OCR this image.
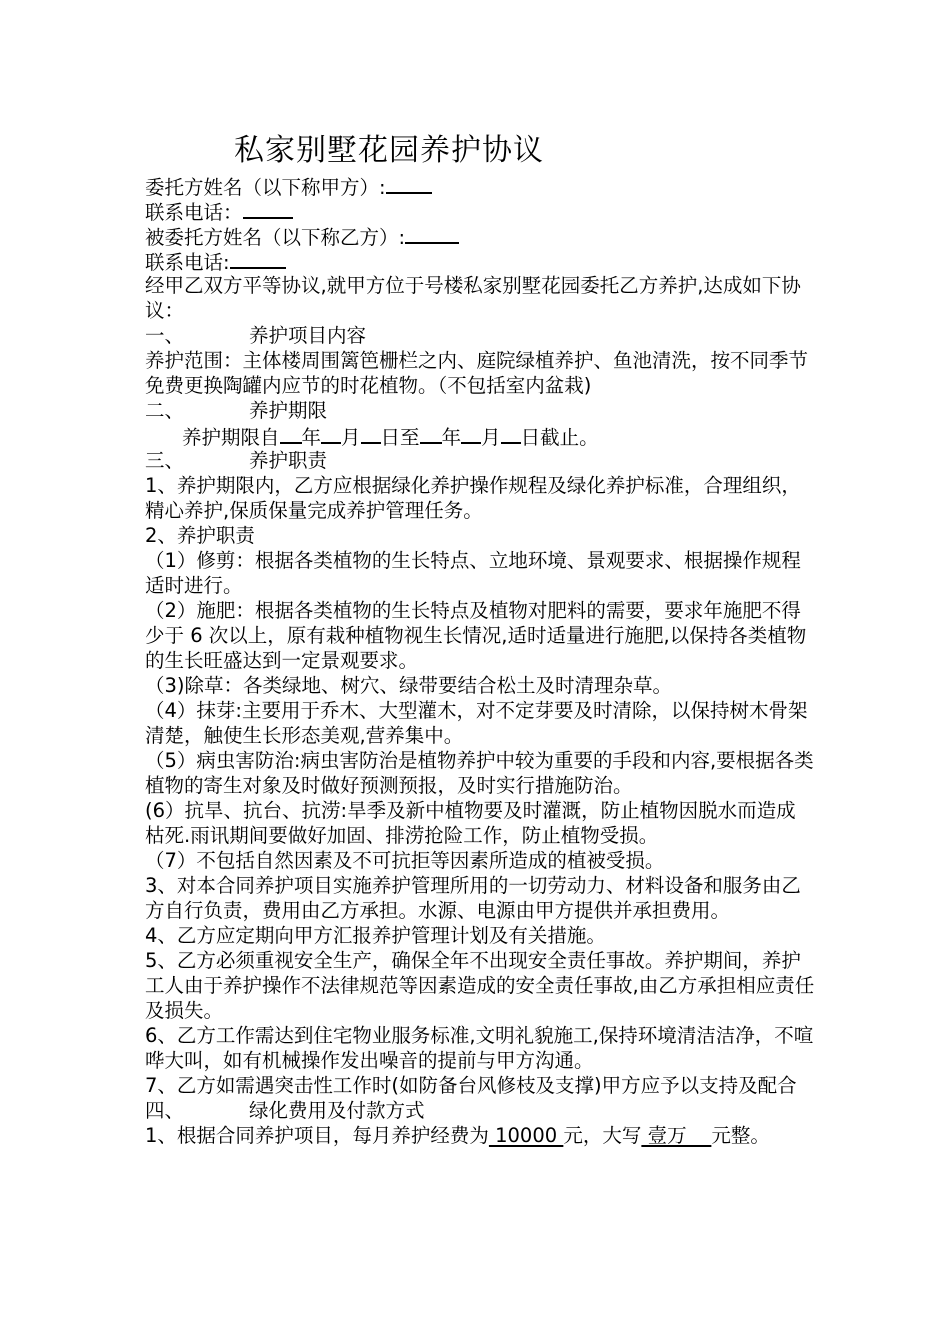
私家别墅花园养护协议
委托方姓名（以下称甲方）:
联系电话：
被委托方姓名（以下称乙方）:
联系电话:
经甲乙双方平等协议,就甲方位于号楼私家别墅花园委托乙方养护,达成如下协议：
一、	养护项目内容
养护范围：主体楼周围篱笆栅栏之内、庭院绿植养护、鱼池清洗，按不同季节免费更换陶罐内应节的时花植物。（不包括室内盆栽)
二、	养护期限
养护期限自 年 月 日至 年 月 日截止。
三、	养护职责
1、养护期限内，乙方应根据绿化养护操作规程及绿化养护标准，合理组织，精心养护,保质保量完成养护管理任务。
2、养护职责
（1）修剪：根据各类植物的生长特点、立地环境、景观要求、根据操作规程适时进行。
（2）施肥：根据各类植物的生长特点及植物对肥料的需要，要求年施肥不得少于 6 次以上，原有栽种植物视生长情况,适时适量进行施肥,以保持各类植物的生长旺盛达到一定景观要求。
（3)除草：各类绿地、树穴、绿带要结合松土及时清理杂草。
（4）抹芽:主要用于乔木、大型灌木，对不定芽要及时清除，以保持树木骨架清楚，触使生长形态美观,营养集中。
（5）病虫害防治:病虫害防治是植物养护中较为重要的手段和内容,要根据各类植物的寄生对象及时做好预测预报，及时实行措施防治。
(6）抗旱、抗台、抗涝:旱季及新中植物要及时灌溉，防止植物因脱水而造成枯死.雨讯期间要做好加固、排涝抢险工作，防止植物受损。
（7）不包括自然因素及不可抗拒等因素所造成的植被受损。
3、对本合同养护项目实施养护管理所用的一切劳动力、材料设备和服务由乙方自行负责，费用由乙方承担。水源、电源由甲方提供并承担费用。
4、乙方应定期向甲方汇报养护管理计划及有关措施。
5、乙方必须重视安全生产，确保全年不出现安全责任事故。养护期间，养护工人由于养护操作不法律规范等因素造成的安全责任事故,由乙方承担相应责任及损失。
6、乙方工作需达到住宅物业服务标准,文明礼貌施工,保持环境清洁洁净，不喧哗大叫，如有机械操作发出噪音的提前与甲方沟通。
7、乙方如需遇突击性工作时(如防备台风修枝及支撑)甲方应予以支持及配合
四、	绿化费用及付款方式
1、根据合同养护项目，每月养护经费为 10000 元，大写 壹万    元整。
